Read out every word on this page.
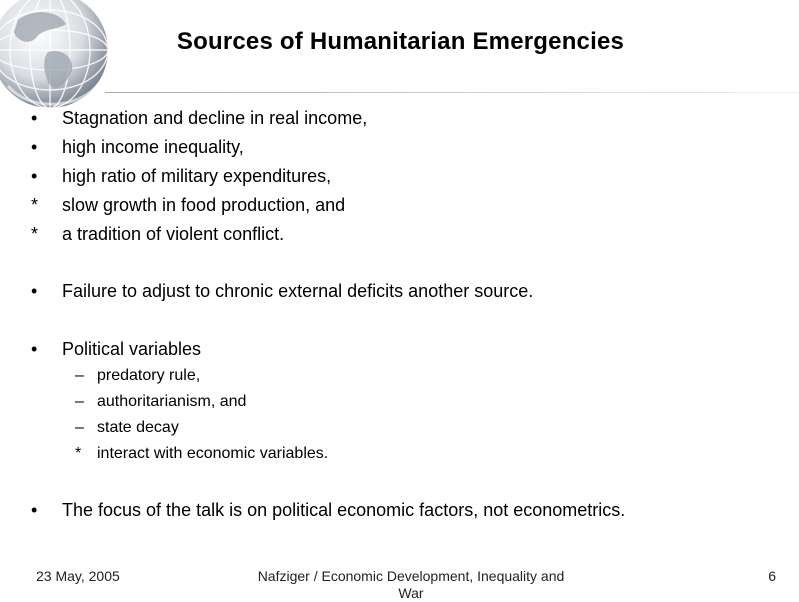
Sources of Humanitarian Emergencies
•	Stagnation and decline in real income,
•	high income inequality,
•	high ratio of military expenditures,
*	slow growth in food production, and
*	a tradition of violent conflict.
•	Failure to adjust to chronic external deficits another source.
•	Political variables
– predatory rule,
– authoritarianism, and
– state decay
* interact with economic variables.
•	The focus of the talk is on political economic factors, not econometrics.
23 May, 2005	Nafziger / Economic Development, Inequality and
War
6
